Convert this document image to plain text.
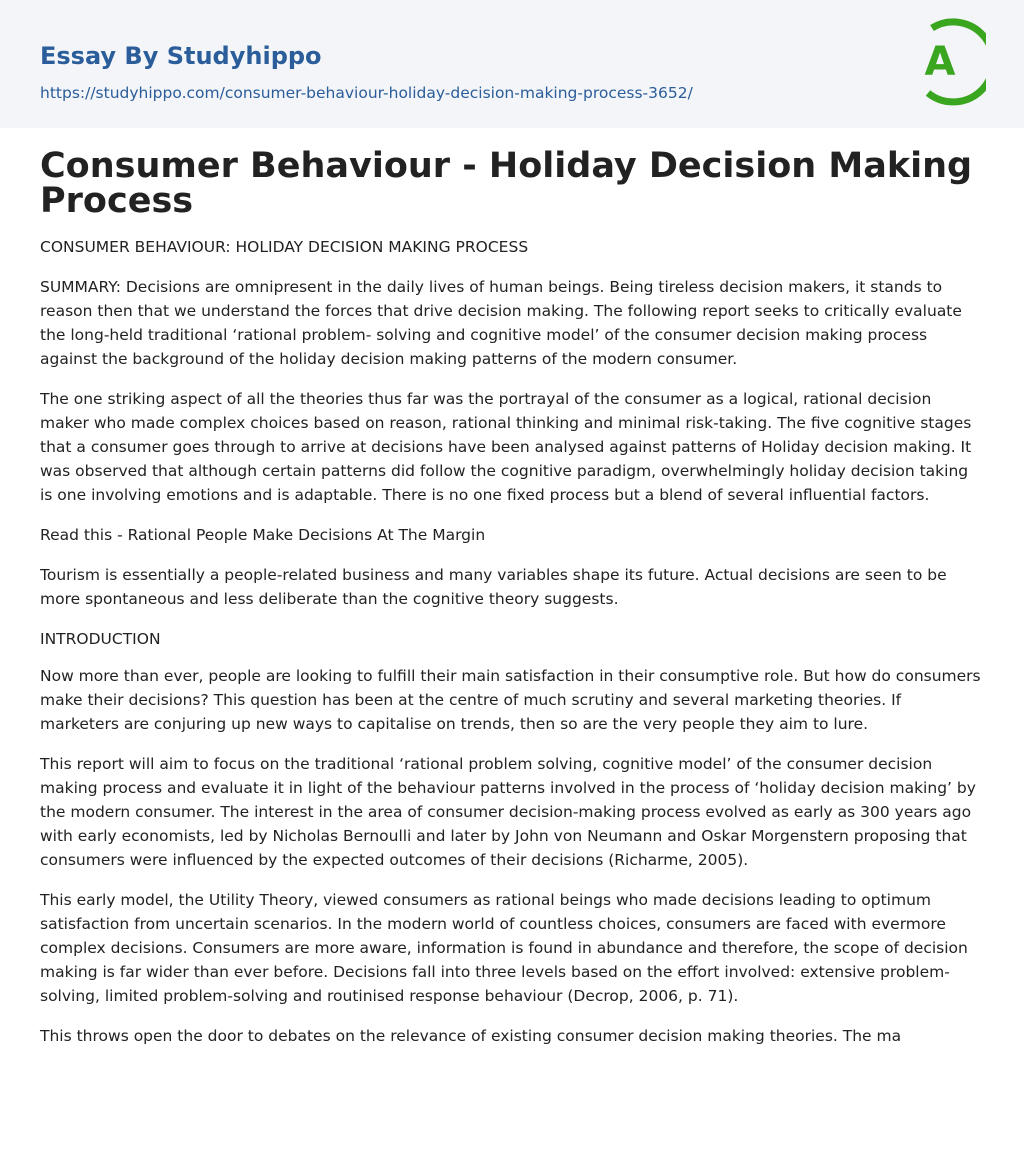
Essay By Studyhippo
https://studyhippo.com/consumer-behaviour-holiday-decision-making-process-3652/
A
Consumer Behaviour - Holiday Decision Making Process

CONSUMER BEHAVIOUR: HOLIDAY DECISION MAKING PROCESS

SUMMARY: Decisions are omnipresent in the daily lives of human beings. Being tireless decision makers, it stands to reason then that we understand the forces that drive decision making. The following report seeks to critically evaluate the long-held traditional ‘rational problem- solving and cognitive model’ of the consumer decision making process against the background of the holiday decision making patterns of the modern consumer.

The one striking aspect of all the theories thus far was the portrayal of the consumer as a logical, rational decision maker who made complex choices based on reason, rational thinking and minimal risk-taking. The five cognitive stages that a consumer goes through to arrive at decisions have been analysed against patterns of Holiday decision making. It was observed that although certain patterns did follow the cognitive paradigm, overwhelmingly holiday decision taking is one involving emotions and is adaptable. There is no one fixed process but a blend of several influential factors.

Read this - Rational People Make Decisions At The Margin

Tourism is essentially a people-related business and many variables shape its future. Actual decisions are seen to be more spontaneous and less deliberate than the cognitive theory suggests.

INTRODUCTION

Now more than ever, people are looking to fulfill their main satisfaction in their consumptive role. But how do consumers make their decisions? This question has been at the centre of much scrutiny and several marketing theories. If marketers are conjuring up new ways to capitalise on trends, then so are the very people they aim to lure.

This report will aim to focus on the traditional ‘rational problem solving, cognitive model’ of the consumer decision making process and evaluate it in light of the behaviour patterns involved in the process of ‘holiday decision making’ by the modern consumer. The interest in the area of consumer decision-making process evolved as early as 300 years ago with early economists, led by Nicholas Bernoulli and later by John von Neumann and Oskar Morgenstern proposing that consumers were influenced by the expected outcomes of their decisions (Richarme, 2005).

This early model, the Utility Theory, viewed consumers as rational beings who made decisions leading to optimum satisfaction from uncertain scenarios. In the modern world of countless choices, consumers are faced with evermore complex decisions. Consumers are more aware, information is found in abundance and therefore, the scope of decision making is far wider than ever before. Decisions fall into three levels based on the effort involved: extensive problem-solving, limited problem-solving and routinised response behaviour (Decrop, 2006, p. 71).

This throws open the door to debates on the relevance of existing consumer decision making theories. The ma
